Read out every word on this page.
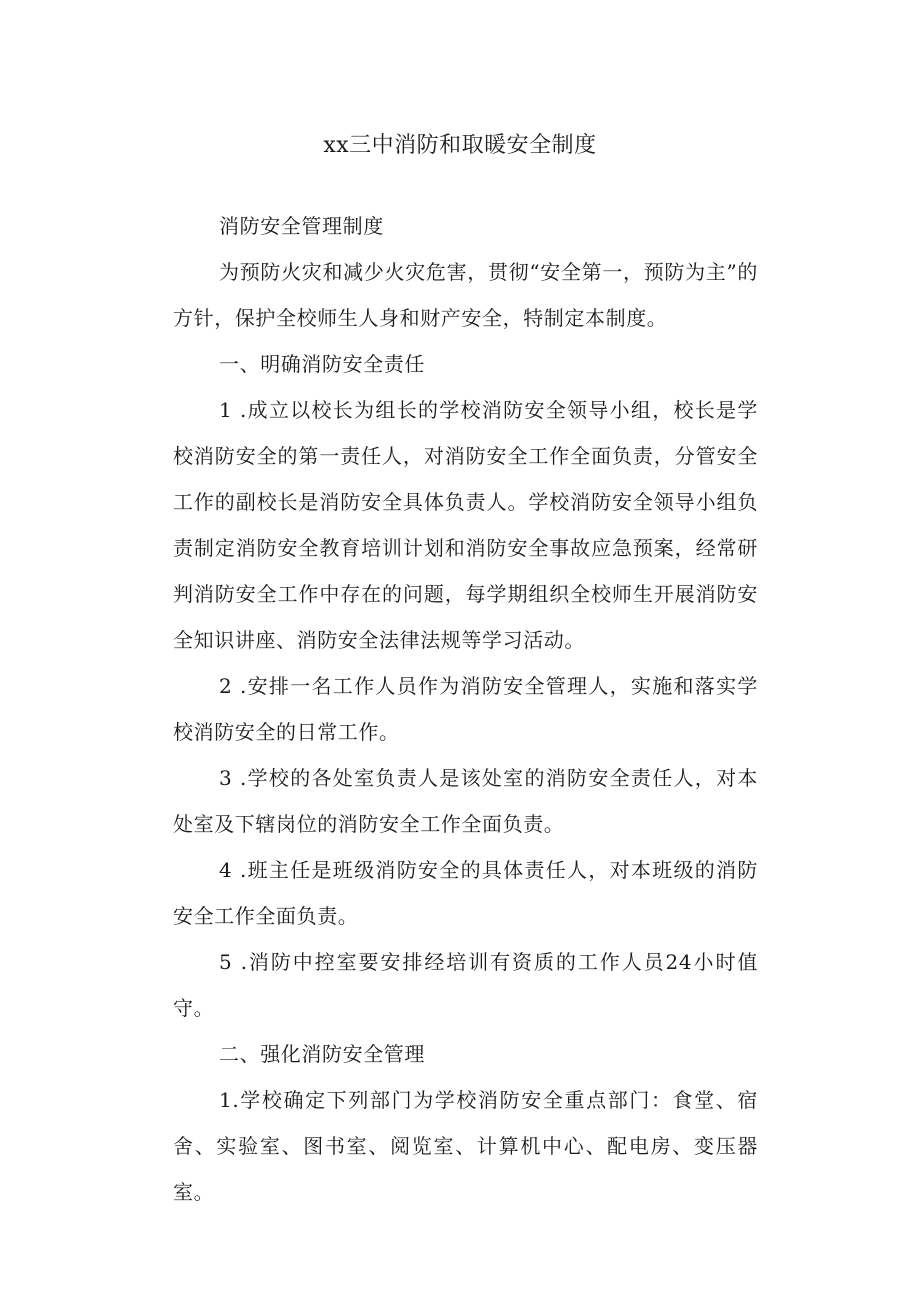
xx三中消防和取暖安全制度

消防安全管理制度

为预防火灾和减少火灾危害，贯彻“安全第一，预防为主”的方针，保护全校师生人身和财产安全，特制定本制度。

一、明确消防安全责任

1 .成立以校长为组长的学校消防安全领导小组，校长是学校消防安全的第一责任人，对消防安全工作全面负责，分管安全工作的副校长是消防安全具体负责人。学校消防安全领导小组负责制定消防安全教育培训计划和消防安全事故应急预案，经常研判消防安全工作中存在的问题，每学期组织全校师生开展消防安全知识讲座、消防安全法律法规等学习活动。

2 .安排一名工作人员作为消防安全管理人，实施和落实学校消防安全的日常工作。

3 .学校的各处室负责人是该处室的消防安全责任人，对本处室及下辖岗位的消防安全工作全面负责。

4 .班主任是班级消防安全的具体责任人，对本班级的消防安全工作全面负责。

5 .消防中控室要安排经培训有资质的工作人员24小时值守。

二、强化消防安全管理

1.学校确定下列部门为学校消防安全重点部门：食堂、宿舍、实验室、图书室、阅览室、计算机中心、配电房、变压器室。
